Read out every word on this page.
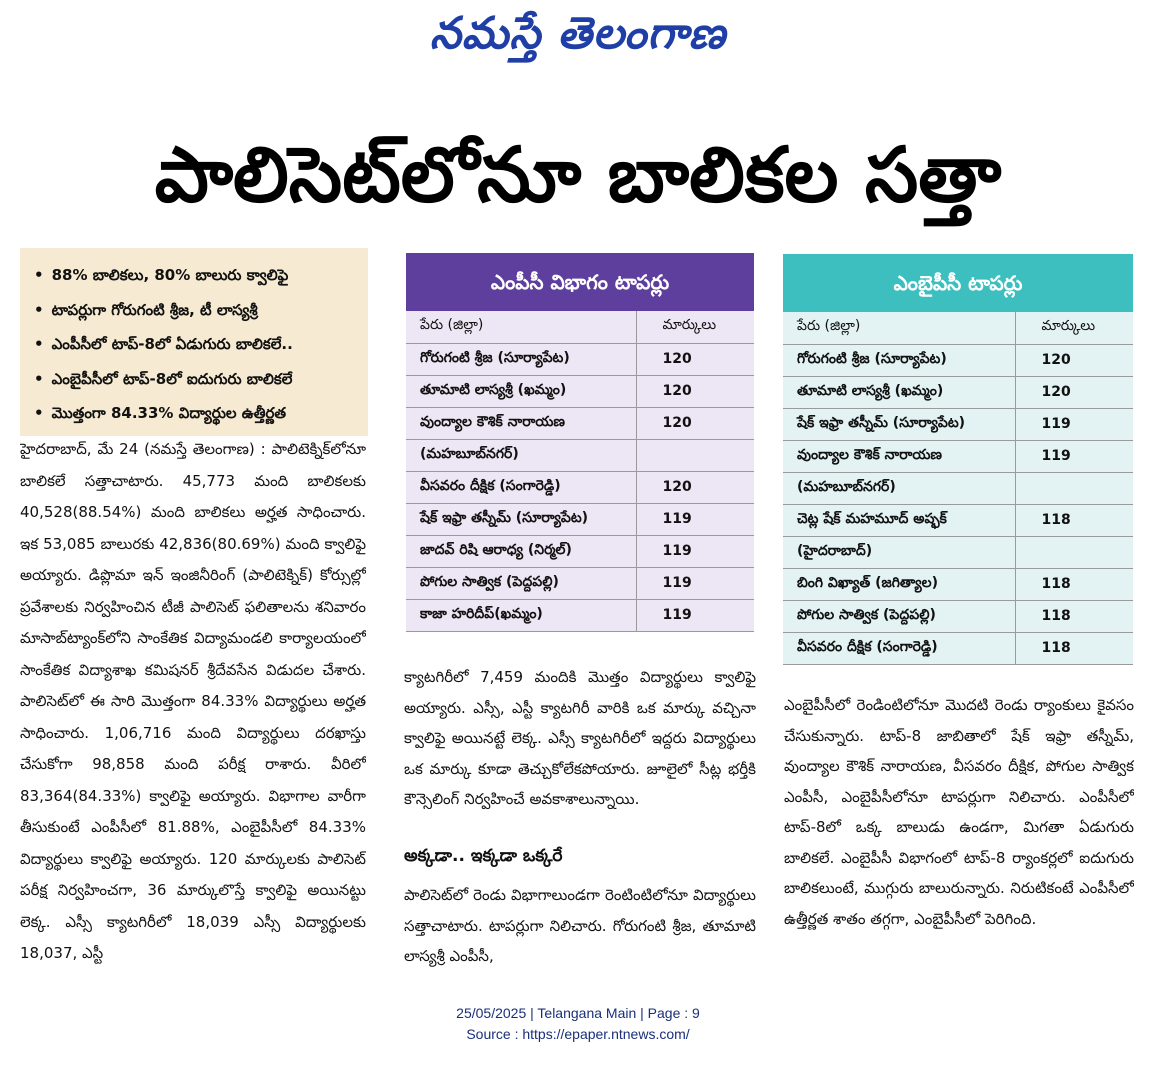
నమస్తే తెలంగాణ
పాలిసెట్‌లోనూ బాలికల సత్తా
• 88% బాలికలు, 80% బాలురు క్వాలిఫై
• టాపర్లుగా గోరుగంటి శ్రీజ, టీ లాస్యశ్రీ
• ఎంపీసీలో టాప్‌-8లో ఏడుగురు బాలికలే..
• ఎంబైపీసీలో టాప్‌-8లో ఐదుగురు బాలికలే
• మొత్తంగా 84.33% విద్యార్థుల ఉత్తీర్ణత
హైదరాబాద్‌, మే 24 (నమస్తే తెలంగాణ) : పాలిటెక్నిక్‌లోనూ బాలికలే సత్తాచాటారు. 45,773 మంది బాలికలకు 40,528(88.54%) మంది బాలికలు అర్హత సాధించారు. ఇక 53,085 బాలురకు 42,836(80.69%) మంది క్వాలిఫై అయ్యారు. డిప్లొమా ఇన్‌ ఇంజినీరింగ్‌ (పాలిటెక్నిక్‌) కోర్సుల్లో ప్రవేశాలకు నిర్వహించిన టీజీ పాలిసెట్‌ ఫలితాలను శనివారం మాసాబ్‌ట్యాంక్‌లోని సాంకేతిక విద్యామండలి కార్యాలయంలో సాంకేతిక విద్యాశాఖ కమిషనర్‌ శ్రీదేవసేన విడుదల చేశారు. పాలిసెట్‌లో ఈ సారి మొత్తంగా 84.33% విద్యార్థులు అర్హత సాధించారు. 1,06,716 మంది విద్యార్థులు దరఖాస్తు చేసుకోగా 98,858 మంది పరీక్ష రాశారు. వీరిలో 83,364(84.33%) క్వాలిఫై అయ్యారు. విభాగాల వారీగా తీసుకుంటే ఎంపీసీలో 81.88%, ఎంబైపీసీలో 84.33% విద్యార్థులు క్వాలిఫై అయ్యారు. 120 మార్కులకు పాలిసెట్‌ పరీక్ష నిర్వహించగా, 36 మార్కులొస్తే క్వాలిఫై అయినట్టు లెక్క. ఎస్సీ క్యాటగిరీలో 18,039 ఎస్సీ విద్యార్థులకు 18,037, ఎస్టీ
ఎంపీసీ విభాగం టాపర్లు
పేరు (జిల్లా)	మార్కులు
గోరుగంటి శ్రీజ (సూర్యాపేట)	120
తూమాటి లాస్యశ్రీ (ఖమ్మం)	120
వుంద్యాల కౌశిక్‌ నారాయణ	120
(మహబూబ్‌నగర్‌)	
వీసవరం దీక్షిక (సంగారెడ్డి)	120
షేక్‌ ఇఫ్రా తస్నీమ్‌ (సూర్యాపేట)	119
జాదవ్‌ రిషి ఆరాధ్య (నిర్మల్‌)	119
పోగుల సాత్విక (పెద్దపల్లి)	119
కాజా హరిదీప్‌(ఖమ్మం)	119
ఎంబైపీసీ టాపర్లు
పేరు (జిల్లా)	మార్కులు
గోరుగంటి శ్రీజ (సూర్యాపేట)	120
తూమాటి లాస్యశ్రీ (ఖమ్మం)	120
షేక్‌ ఇఫ్రా తస్నీమ్‌ (సూర్యాపేట)	119
వుంద్యాల కౌశిక్‌ నారాయణ	119
(మహబూబ్‌నగర్‌)	
చెట్ల షేక్‌ మహమూద్‌ అష్ఫక్‌	118
(హైదరాబాద్‌)	
బింగి విఖ్యాత్‌ (జగిత్యాల)	118
పోగుల సాత్విక (పెద్దపల్లి)	118
వీసవరం దీక్షిక (సంగారెడ్డి)	118
క్యాటగిరీలో 7,459 మందికి మొత్తం విద్యార్థులు క్వాలిఫై అయ్యారు. ఎస్సీ, ఎస్టీ క్యాటగిరీ వారికి ఒక మార్కు వచ్చినా క్వాలిఫై అయినట్టే లెక్క. ఎస్సీ క్యాటగిరీలో ఇద్దరు విద్యార్థులు ఒక మార్కు కూడా తెచ్చుకోలేకపోయారు. జూలైలో సీట్ల భర్తీకి కౌన్సెలింగ్‌ నిర్వహించే అవకాశాలున్నాయి.
అక్కడా.. ఇక్కడా ఒక్కరే
పాలిసెట్‌లో రెండు విభాగాలుండగా రెంటింటిలోనూ విద్యార్థులు సత్తాచాటారు. టాపర్లుగా నిలిచారు. గోరుగంటి శ్రీజ, తూమాటి లాస్యశ్రీ ఎంపీసీ,
ఎంబైపీసీలో రెండింటిలోనూ మొదటి రెండు ర్యాంకులు కైవసం చేసుకున్నారు. టాప్‌-8 జాబితాలో షేక్‌ ఇఫ్రా తస్నీమ్‌, వుంద్యాల కౌశిక్‌ నారాయణ, వీసవరం దీక్షిక, పోగుల సాత్విక ఎంపీసీ, ఎంబైపీసీలోనూ టాపర్లుగా నిలిచారు. ఎంపీసీలో టాప్‌-8లో ఒక్క బాలుడు ఉండగా, మిగతా ఏడుగురు బాలికలే. ఎంబైపీసీ విభాగంలో టాప్‌-8 ర్యాంకర్లలో ఐదుగురు బాలికలుంటే, ముగ్గురు బాలురున్నారు. నిరుటికంటే ఎంపీసీలో ఉత్తీర్ణత శాతం తగ్గగా, ఎంబైపీసీలో పెరిగింది.
25/05/2025 | Telangana Main | Page : 9
Source : https://epaper.ntnews.com/
